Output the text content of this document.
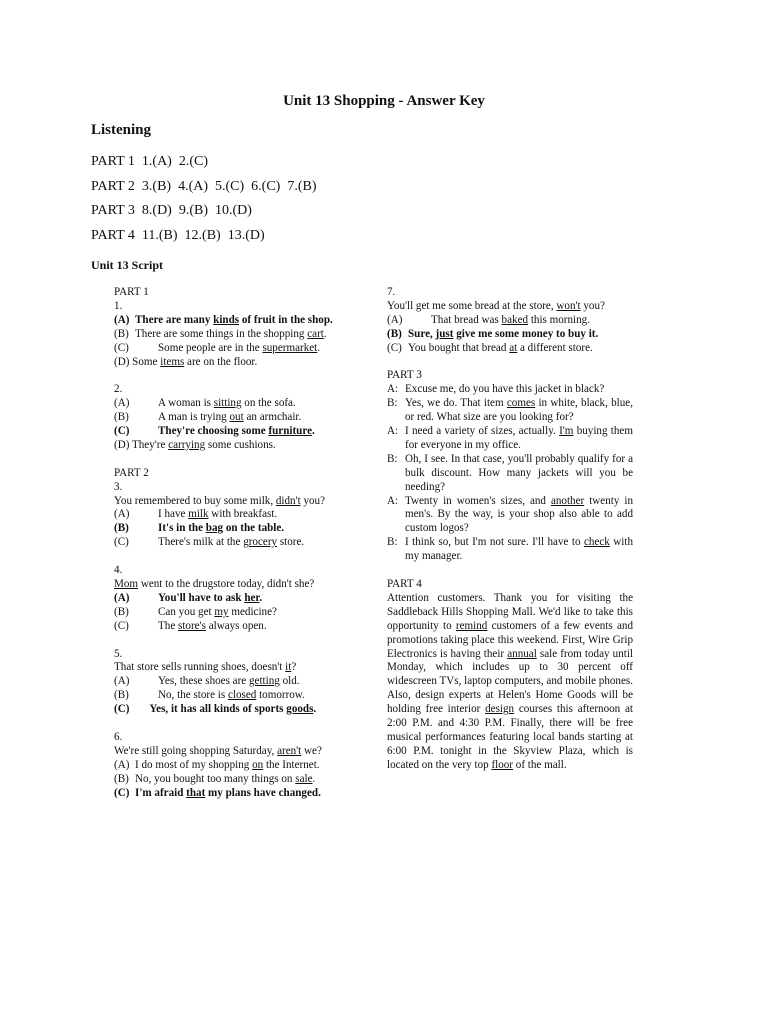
Unit 13 Shopping - Answer Key
Listening
PART 1  1.(A)  2.(C)
PART 2  3.(B)  4.(A)  5.(C)  6.(C)  7.(B)
PART 3  8.(D)  9.(B)  10.(D)
PART 4  11.(B)  12.(B)  13.(D)
Unit 13 Script
PART 1
1.
(A) There are many kinds of fruit in the shop.
(B) There are some things in the shopping cart.
(C)	Some people are in the supermarket.
(D) Some items are on the floor.
2.
(A)	A woman is sitting on the sofa.
(B)	A man is trying out an armchair.
(C)	They're choosing some furniture.
(D) They're carrying some cushions.
PART 2
3.
You remembered to buy some milk, didn't you?
(A)	I have milk with breakfast.
(B)	It's in the bag on the table.
(C)	There's milk at the grocery store.
4.
Mom went to the drugstore today, didn't she?
(A)	You'll have to ask her.
(B)	Can you get my medicine?
(C)	The store's always open.
5.
That store sells running shoes, doesn't it?
(A)	Yes, these shoes are getting old.
(B)	No, the store is closed tomorrow.
(C) Yes, it has all kinds of sports goods.
6.
We're still going shopping Saturday, aren't we?
(A) I do most of my shopping on the Internet.
(B) No, you bought too many things on sale.
(C) I'm afraid that my plans have changed.
7.
You'll get me some bread at the store, won't you?
(A)	That bread was baked this morning.
(B) Sure, just give me some money to buy it.
(C) You bought that bread at a different store.
PART 3
A: Excuse me, do you have this jacket in black?
B: Yes, we do. That item comes in white, black, blue, or red. What size are you looking for?
A: I need a variety of sizes, actually. I'm buying them for everyone in my office.
B: Oh, I see. In that case, you'll probably qualify for a bulk discount. How many jackets will you be needing?
A: Twenty in women's sizes, and another twenty in men's. By the way, is your shop also able to add custom logos?
B: I think so, but I'm not sure. I'll have to check with my manager.
PART 4
Attention customers. Thank you for visiting the Saddleback Hills Shopping Mall. We'd like to take this opportunity to remind customers of a few events and promotions taking place this weekend. First, Wire Grip Electronics is having their annual sale from today until Monday, which includes up to 30 percent off widescreen TVs, laptop computers, and mobile phones. Also, design experts at Helen's Home Goods will be holding free interior design courses this afternoon at 2:00 P.M. and 4:30 P.M. Finally, there will be free musical performances featuring local bands starting at 6:00 P.M. tonight in the Skyview Plaza, which is located on the very top floor of the mall.
